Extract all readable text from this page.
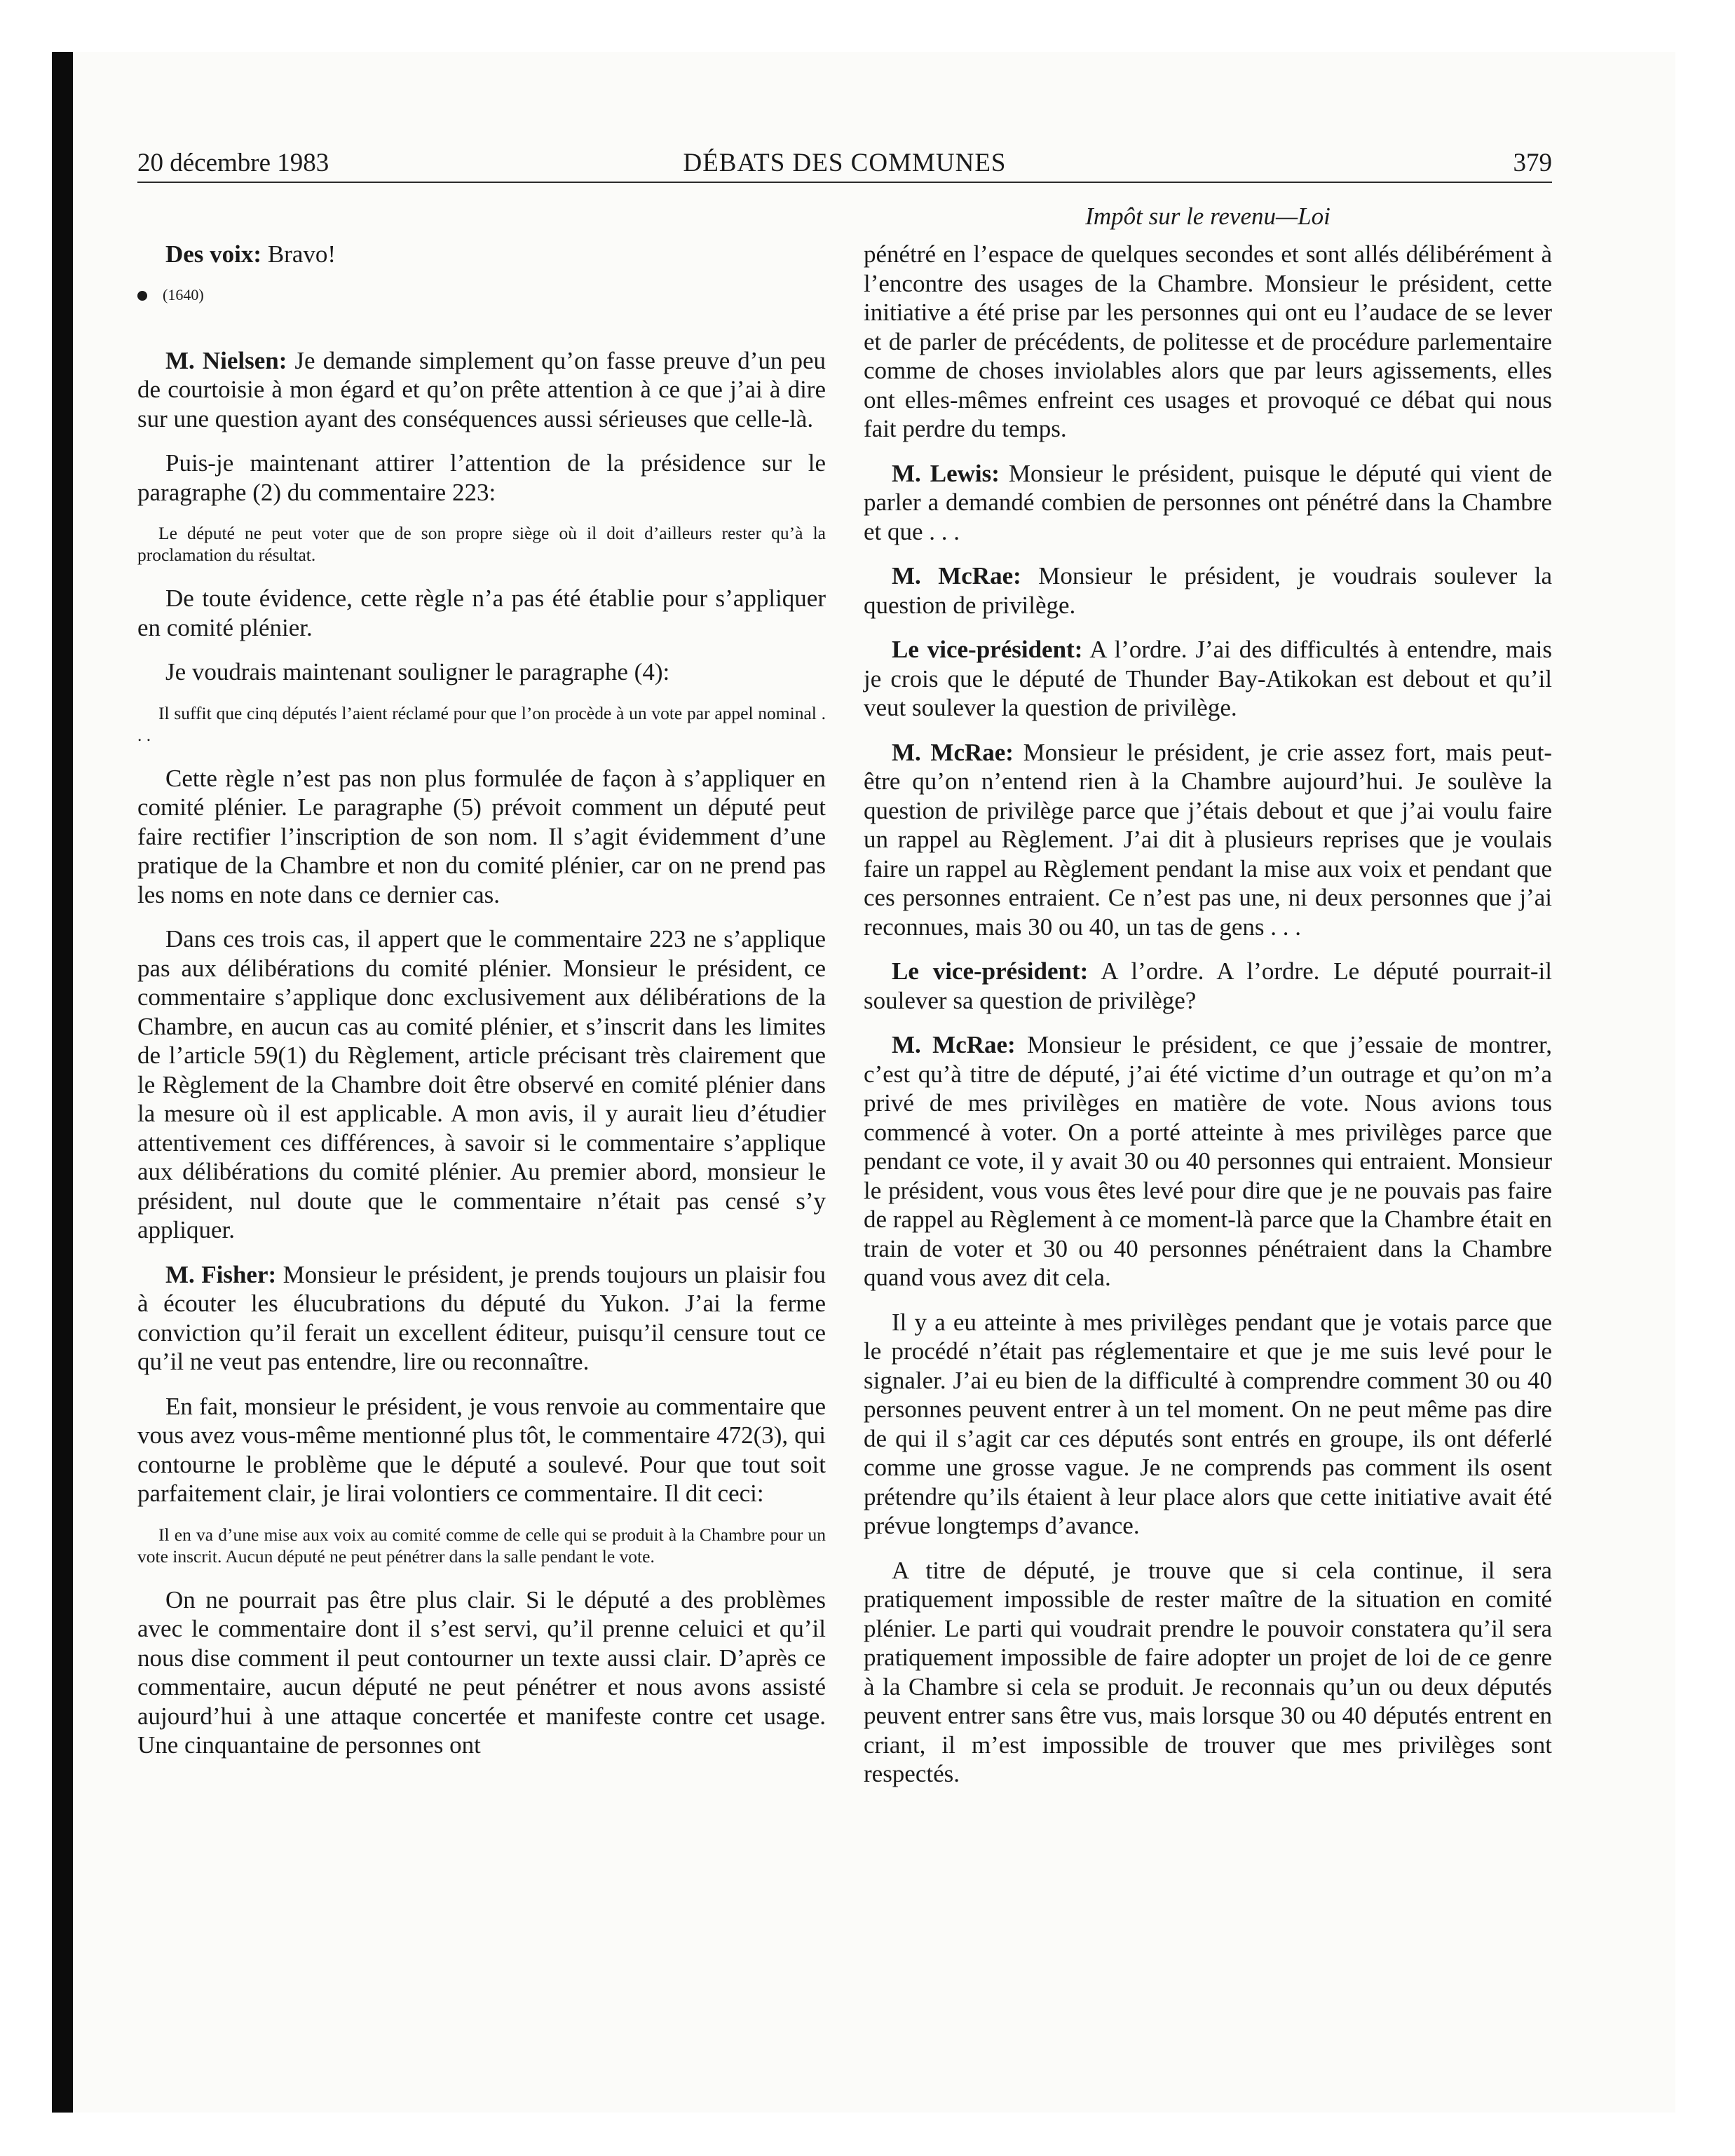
20 décembre 1983	DÉBATS DES COMMUNES	379
Impôt sur le revenu—Loi

Des voix: Bravo!

(1640)

M. Nielsen: Je demande simplement qu’on fasse preuve d’un peu de courtoisie à mon égard et qu’on prête attention à ce que j’ai à dire sur une question ayant des conséquences aussi sérieuses que celle-là.

Puis-je maintenant attirer l’attention de la présidence sur le paragraphe (2) du commentaire 223:

Le député ne peut voter que de son propre siège où il doit d’ailleurs rester qu’à la proclamation du résultat.

De toute évidence, cette règle n’a pas été établie pour s’appliquer en comité plénier.

Je voudrais maintenant souligner le paragraphe (4):

Il suffit que cinq députés l’aient réclamé pour que l’on procède à un vote par appel nominal . . .

Cette règle n’est pas non plus formulée de façon à s’appliquer en comité plénier. Le paragraphe (5) prévoit comment un député peut faire rectifier l’inscription de son nom. Il s’agit évidemment d’une pratique de la Chambre et non du comité plénier, car on ne prend pas les noms en note dans ce dernier cas.

Dans ces trois cas, il appert que le commentaire 223 ne s’applique pas aux délibérations du comité plénier. Monsieur le président, ce commentaire s’applique donc exclusivement aux délibérations de la Chambre, en aucun cas au comité plénier, et s’inscrit dans les limites de l’article 59(1) du Règlement, article précisant très clairement que le Règlement de la Chambre doit être observé en comité plénier dans la mesure où il est applicable. A mon avis, il y aurait lieu d’étudier attentivement ces différences, à savoir si le commentaire s’applique aux délibérations du comité plénier. Au premier abord, monsieur le président, nul doute que le commentaire n’était pas censé s’y appliquer.

M. Fisher: Monsieur le président, je prends toujours un plaisir fou à écouter les élucubrations du député du Yukon. J’ai la ferme conviction qu’il ferait un excellent éditeur, puisqu’il censure tout ce qu’il ne veut pas entendre, lire ou reconnaître.

En fait, monsieur le président, je vous renvoie au commentaire que vous avez vous-même mentionné plus tôt, le commentaire 472(3), qui contourne le problème que le député a soulevé. Pour que tout soit parfaitement clair, je lirai volontiers ce commentaire. Il dit ceci:

Il en va d’une mise aux voix au comité comme de celle qui se produit à la Chambre pour un vote inscrit. Aucun député ne peut pénétrer dans la salle pendant le vote.

On ne pourrait pas être plus clair. Si le député a des problèmes avec le commentaire dont il s’est servi, qu’il prenne celuici et qu’il nous dise comment il peut contourner un texte aussi clair. D’après ce commentaire, aucun député ne peut pénétrer et nous avons assisté aujourd’hui à une attaque concertée et manifeste contre cet usage. Une cinquantaine de personnes ont

pénétré en l’espace de quelques secondes et sont allés délibérément à l’encontre des usages de la Chambre. Monsieur le président, cette initiative a été prise par les personnes qui ont eu l’audace de se lever et de parler de précédents, de politesse et de procédure parlementaire comme de choses inviolables alors que par leurs agissements, elles ont elles-mêmes enfreint ces usages et provoqué ce débat qui nous fait perdre du temps.

M. Lewis: Monsieur le président, puisque le député qui vient de parler a demandé combien de personnes ont pénétré dans la Chambre et que . . .

M. McRae: Monsieur le président, je voudrais soulever la question de privilège.

Le vice-président: A l’ordre. J’ai des difficultés à entendre, mais je crois que le député de Thunder Bay-Atikokan est debout et qu’il veut soulever la question de privilège.

M. McRae: Monsieur le président, je crie assez fort, mais peut-être qu’on n’entend rien à la Chambre aujourd’hui. Je soulève la question de privilège parce que j’étais debout et que j’ai voulu faire un rappel au Règlement. J’ai dit à plusieurs reprises que je voulais faire un rappel au Règlement pendant la mise aux voix et pendant que ces personnes entraient. Ce n’est pas une, ni deux personnes que j’ai reconnues, mais 30 ou 40, un tas de gens . . .

Le vice-président: A l’ordre. A l’ordre. Le député pourrait-il soulever sa question de privilège?

M. McRae: Monsieur le président, ce que j’essaie de montrer, c’est qu’à titre de député, j’ai été victime d’un outrage et qu’on m’a privé de mes privilèges en matière de vote. Nous avions tous commencé à voter. On a porté atteinte à mes privilèges parce que pendant ce vote, il y avait 30 ou 40 personnes qui entraient. Monsieur le président, vous vous êtes levé pour dire que je ne pouvais pas faire de rappel au Règlement à ce moment-là parce que la Chambre était en train de voter et 30 ou 40 personnes pénétraient dans la Chambre quand vous avez dit cela.

Il y a eu atteinte à mes privilèges pendant que je votais parce que le procédé n’était pas réglementaire et que je me suis levé pour le signaler. J’ai eu bien de la difficulté à comprendre comment 30 ou 40 personnes peuvent entrer à un tel moment. On ne peut même pas dire de qui il s’agit car ces députés sont entrés en groupe, ils ont déferlé comme une grosse vague. Je ne comprends pas comment ils osent prétendre qu’ils étaient à leur place alors que cette initiative avait été prévue longtemps d’avance.

A titre de député, je trouve que si cela continue, il sera pratiquement impossible de rester maître de la situation en comité plénier. Le parti qui voudrait prendre le pouvoir constatera qu’il sera pratiquement impossible de faire adopter un projet de loi de ce genre à la Chambre si cela se produit. Je reconnais qu’un ou deux députés peuvent entrer sans être vus, mais lorsque 30 ou 40 députés entrent en criant, il m’est impossible de trouver que mes privilèges sont respectés.
